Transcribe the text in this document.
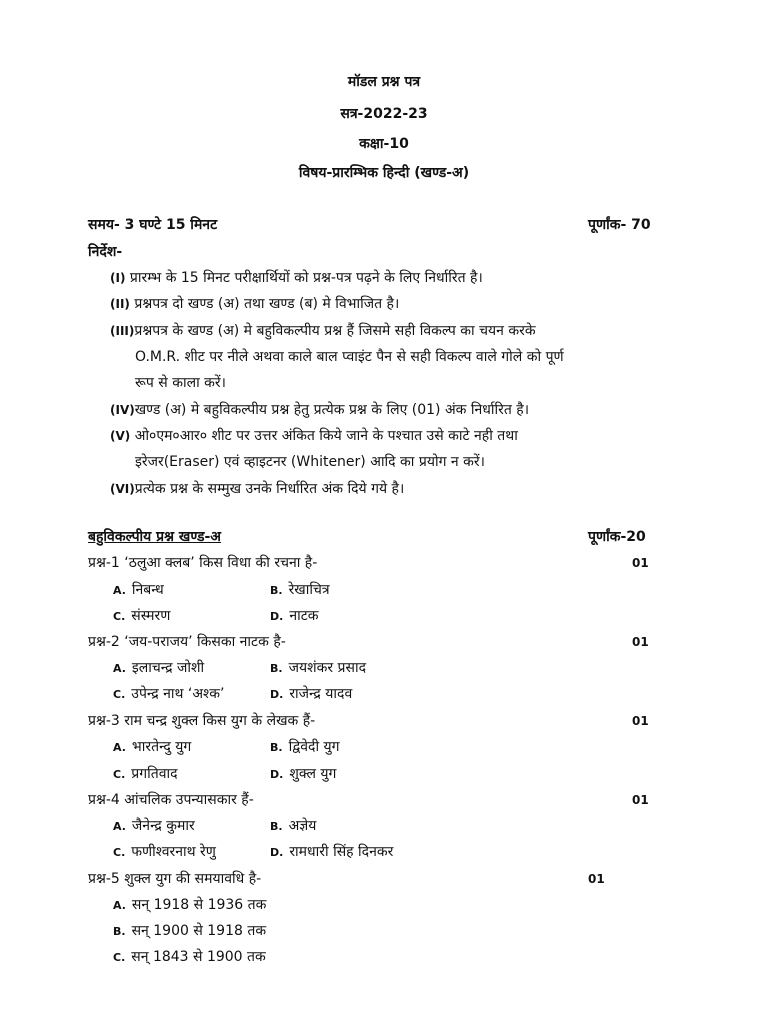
मॉडल प्रश्न पत्र
सत्र-2022-23
कक्षा-10
विषय-प्रारम्भिक हिन्दी (खण्ड-अ)
समय- 3 घण्टे 15 मिनट	पूर्णांक- 70
निर्देश-
(I) प्रारम्भ के 15 मिनट परीक्षार्थियों को प्रश्न-पत्र पढ़ने के लिए निर्धारित है।
(II) प्रश्नपत्र दो खण्ड (अ) तथा खण्ड (ब) मे विभाजित है।
(III)प्रश्नपत्र के खण्ड (अ) मे बहुविकल्पीय प्रश्न हैं जिसमे सही विकल्प का चयन करके
O.M.R. शीट पर नीले अथवा काले बाल प्वाइंट पैन से सही विकल्प वाले गोले को पूर्ण
रूप से काला करें।
(IV)खण्ड (अ) मे बहुविकल्पीय प्रश्न हेतु प्रत्येक प्रश्न के लिए (01) अंक निर्धारित है।
(V) ओ०एम०आर० शीट पर उत्तर अंकित किये जाने के पश्चात उसे काटे नही तथा
इरेजर(Eraser) एवं व्हाइटनर (Whitener) आदि का प्रयोग न करें।
(VI)प्रत्येक प्रश्न के सम्मुख उनके निर्धारित अंक दिये गये है।
बहुविकल्पीय प्रश्न खण्ड-अ	पूर्णांक-20
प्रश्न-1 ‘ठलुआ क्लब’ किस विधा की रचना है-	01
A. निबन्ध	B. रेखाचित्र
C. संस्मरण	D. नाटक
प्रश्न-2 ‘जय-पराजय’ किसका नाटक है-	01
A. इलाचन्द्र जोशी	B. जयशंकर प्रसाद
C. उपेन्द्र नाथ ‘अश्क’	D. राजेन्द्र यादव
प्रश्न-3 राम चन्द्र शुक्ल किस युग के लेखक हैं-	01
A. भारतेन्दु युग	B. द्विवेदी युग
C. प्रगतिवाद	D. शुक्ल युग
प्रश्न-4 आंचलिक उपन्यासकार हैं-	01
A. जैनेन्द्र कुमार	B. अज्ञेय
C. फणीश्वरनाथ रेणु	D. रामधारी सिंह दिनकर
प्रश्न-5 शुक्ल युग की समयावधि है-	01
A. सन् 1918 से 1936 तक
B. सन् 1900 से 1918 तक
C. सन् 1843 से 1900 तक
